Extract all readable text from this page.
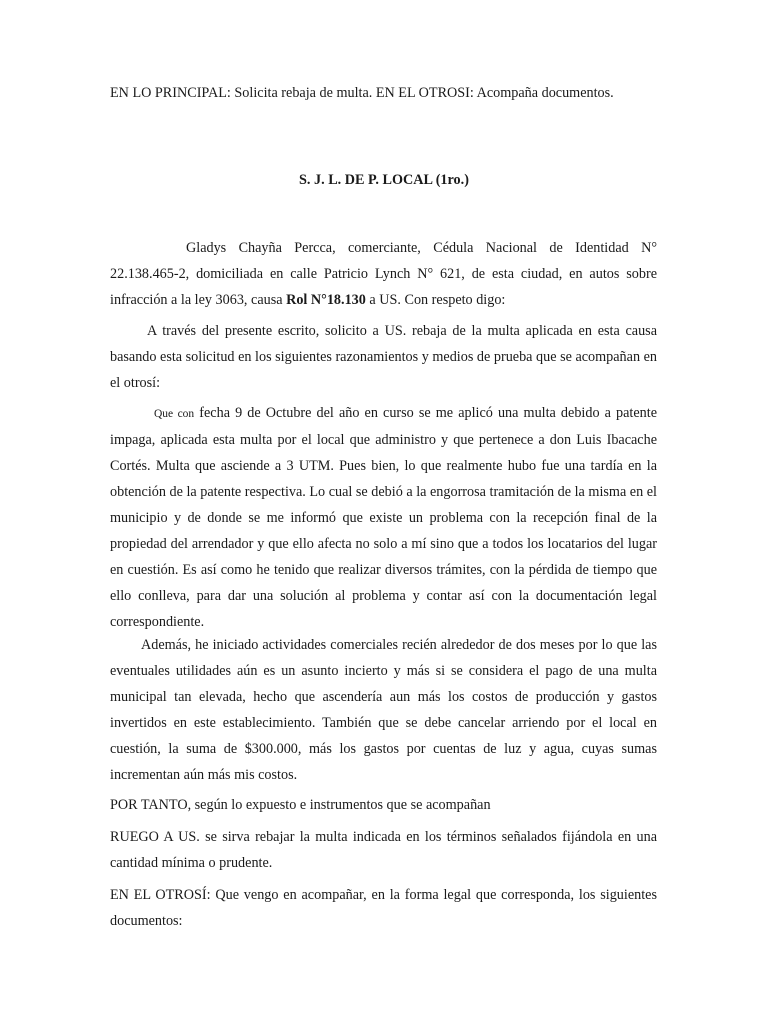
EN LO PRINCIPAL: Solicita rebaja de multa. EN EL OTROSI: Acompaña documentos.

S. J. L. DE P. LOCAL (1ro.)

Gladys Chayña Percca, comerciante, Cédula Nacional de Identidad N° 22.138.465-2, domiciliada en calle Patricio Lynch N° 621, de esta ciudad, en autos sobre infracción a la ley 3063, causa Rol N°18.130 a US. Con respeto digo:

A través del presente escrito, solicito a US. rebaja de la multa aplicada en esta causa basando esta solicitud en los siguientes razonamientos y medios de prueba que se acompañan en el otrosí:

Que con fecha 9 de Octubre del año en curso se me aplicó una multa debido a patente impaga, aplicada esta multa por el local que administro y que pertenece a don Luis Ibacache Cortés. Multa que asciende a 3 UTM. Pues bien, lo que realmente hubo fue una tardía en la obtención de la patente respectiva. Lo cual se debió a la engorrosa tramitación de la misma en el municipio y de donde se me informó que existe un problema con la recepción final de la propiedad del arrendador y que ello afecta no solo a mí sino que a todos los locatarios del lugar en cuestión. Es así como he tenido que realizar diversos trámites, con la pérdida de tiempo que ello conlleva, para dar una solución al problema y contar así con la documentación legal correspondiente.

Además, he iniciado actividades comerciales recién alrededor de dos meses por lo que las eventuales utilidades aún es un asunto incierto y más si se considera el pago de una multa municipal tan elevada, hecho que ascendería aun más los costos de producción y gastos invertidos en este establecimiento. También que se debe cancelar arriendo por el local en cuestión, la suma de $300.000, más los gastos por cuentas de luz y agua, cuyas sumas incrementan aún más mis costos.

POR TANTO, según lo expuesto e instrumentos que se acompañan

RUEGO A US. se sirva rebajar la multa indicada en los términos señalados fijándola en una cantidad mínima o prudente.

EN EL OTROSÍ: Que vengo en acompañar, en la forma legal que corresponda, los siguientes documentos:
